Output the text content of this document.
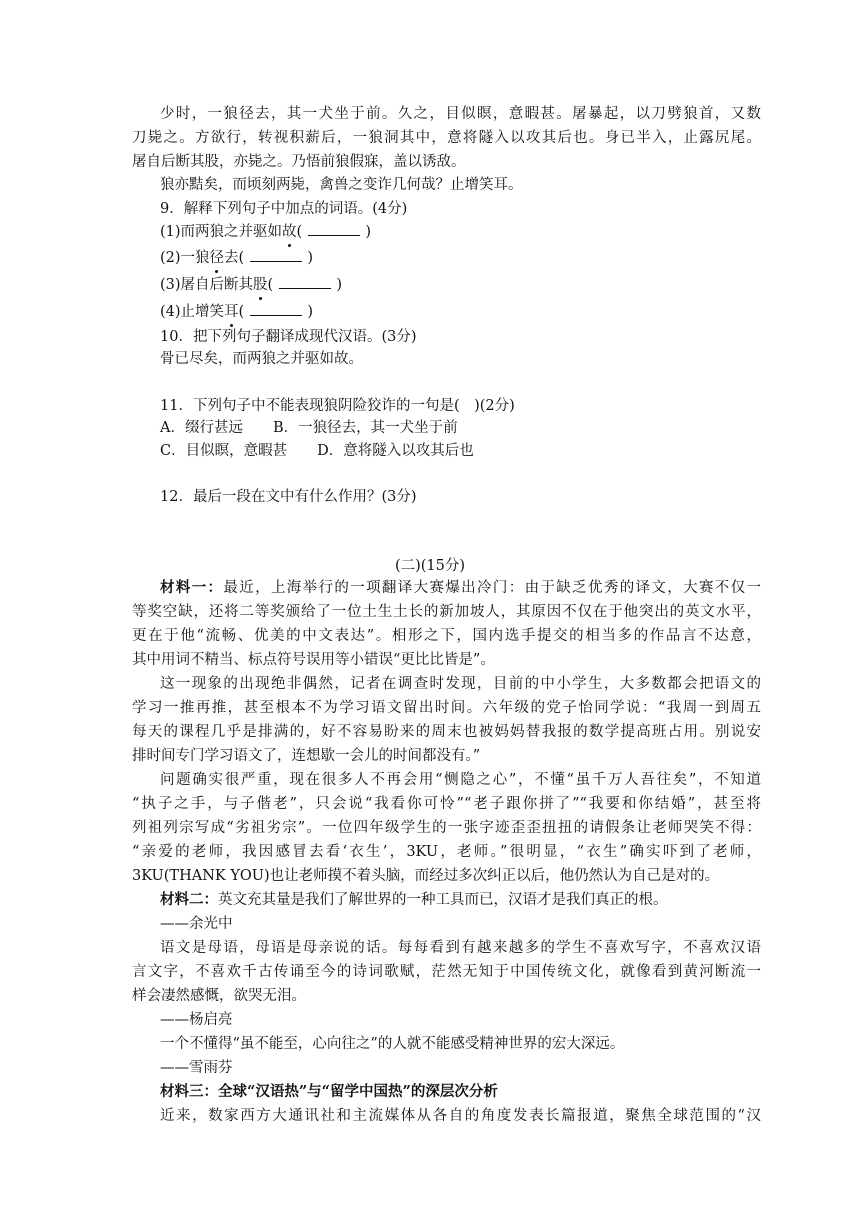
少时，一狼径去，其一犬坐于前。久之，目似瞑，意暇甚。屠暴起，以刀劈狼首，又数
刀毙之。方欲行，转视积薪后，一狼洞其中，意将隧入以攻其后也。身已半入，止露尻尾。
屠自后断其股，亦毙之。乃悟前狼假寐，盖以诱敌。
狼亦黠矣，而顷刻两毙，禽兽之变诈几何哉？止增笑耳。
9．解释下列句子中加点的词语。(4分)
(1)而两狼之并驱如故(	)
(2)一狼径去(	)
(3)屠自后断其股(	)
(4)止增笑耳(	)
10．把下列句子翻译成现代汉语。(3分)
骨已尽矣，而两狼之并驱如故。
11．下列句子中不能表现狼阴险狡诈的一句是(　)(2分)
A．缀行甚远 B．一狼径去，其一犬坐于前
C．目似瞑，意暇甚 D．意将隧入以攻其后也
12．最后一段在文中有什么作用？(3分)
(二)(15分)
材料一：最近，上海举行的一项翻译大赛爆出冷门：由于缺乏优秀的译文，大赛不仅一
等奖空缺，还将二等奖颁给了一位土生土长的新加坡人，其原因不仅在于他突出的英文水平，
更在于他“流畅、优美的中文表达”。相形之下，国内选手提交的相当多的作品言不达意，
其中用词不精当、标点符号误用等小错误“更比比皆是”。
这一现象的出现绝非偶然，记者在调查时发现，目前的中小学生，大多数都会把语文的
学习一推再推，甚至根本不为学习语文留出时间。六年级的党子怡同学说：“我周一到周五
每天的课程几乎是排满的，好不容易盼来的周末也被妈妈替我报的数学提高班占用。别说安
排时间专门学习语文了，连想歇一会儿的时间都没有。”
问题确实很严重，现在很多人不再会用“恻隐之心”，不懂“虽千万人吾往矣”，不知道
“执子之手，与子偕老”，只会说“我看你可怜”“老子跟你拼了”“我要和你结婚”，甚至将
列祖列宗写成“劣祖劣宗”。一位四年级学生的一张字迹歪歪扭扭的请假条让老师哭笑不得：
“亲爱的老师，我因感冒去看‘衣生’，3KU，老师。”很明显，“衣生”确实吓到了老师，
3KU(THANK YOU)也让老师摸不着头脑，而经过多次纠正以后，他仍然认为自己是对的。
材料二：英文充其量是我们了解世界的一种工具而已，汉语才是我们真正的根。
——余光中
语文是母语，母语是母亲说的话。每每看到有越来越多的学生不喜欢写字，不喜欢汉语
言文字，不喜欢千古传诵至今的诗词歌赋，茫然无知于中国传统文化，就像看到黄河断流一
样会凄然感慨，欲哭无泪。
——杨启亮
一个不懂得“虽不能至，心向往之”的人就不能感受精神世界的宏大深远。
——雪雨芬
材料三：全球“汉语热”与“留学中国热”的深层次分析
近来，数家西方大通讯社和主流媒体从各自的角度发表长篇报道，聚焦全球范围的“汉
